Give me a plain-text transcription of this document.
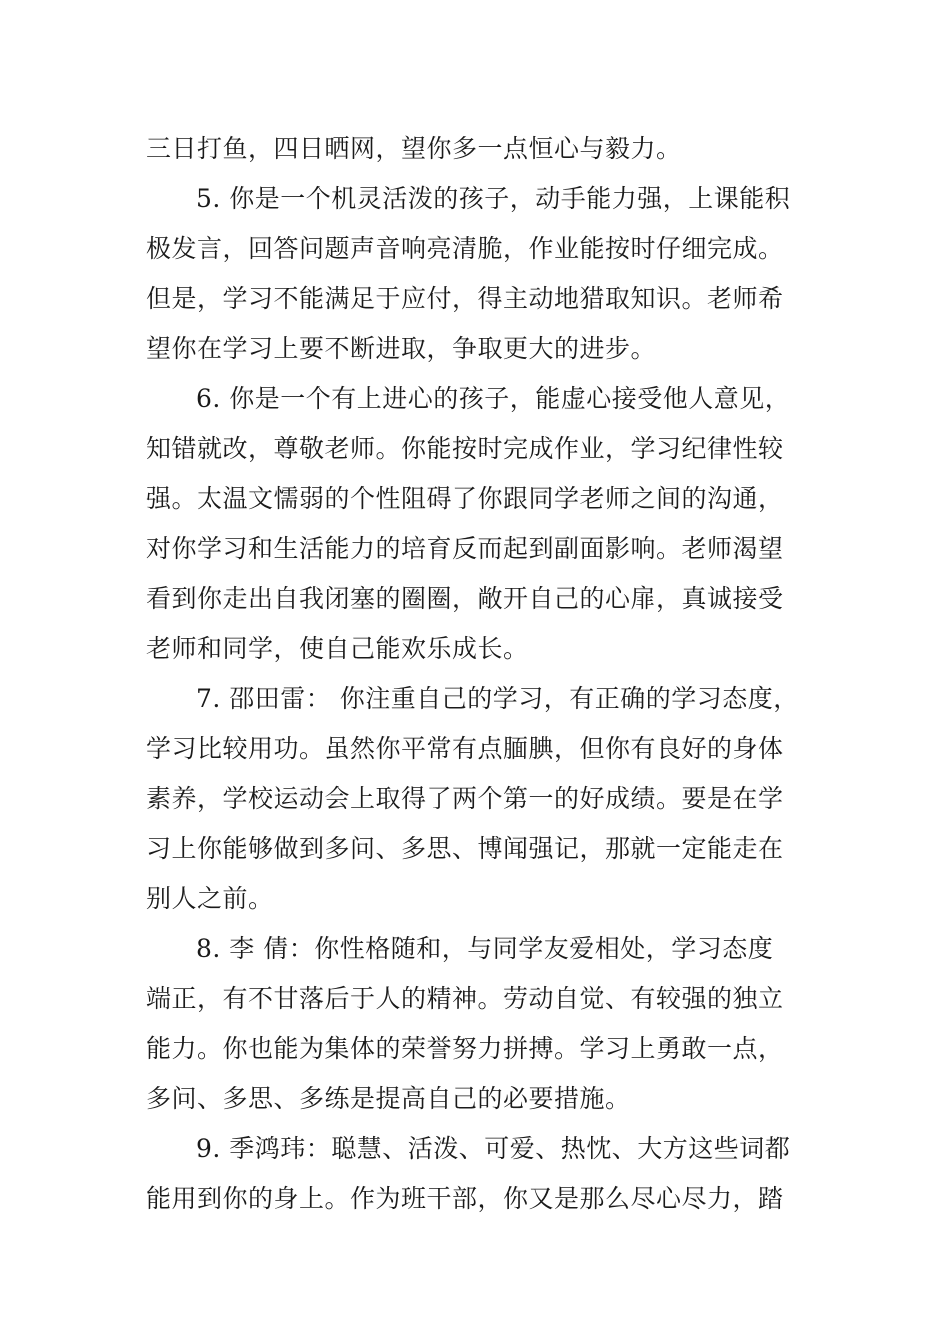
三日打鱼，四日晒网，望你多一点恒心与毅力。
5. 你是一个机灵活泼的孩子，动手能力强，上课能积
极发言，回答问题声音响亮清脆，作业能按时仔细完成。
但是，学习不能满足于应付，得主动地猎取知识。老师希
望你在学习上要不断进取，争取更大的进步。
6. 你是一个有上进心的孩子，能虚心接受他人意见，
知错就改，尊敬老师。你能按时完成作业，学习纪律性较
强。太温文懦弱的个性阻碍了你跟同学老师之间的沟通，
对你学习和生活能力的培育反而起到副面影响。老师渴望
看到你走出自我闭塞的圈圈，敞开自己的心扉，真诚接受
老师和同学，使自己能欢乐成长。
7. 邵田雷： 你注重自己的学习，有正确的学习态度，
学习比较用功。虽然你平常有点腼腆，但你有良好的身体
素养，学校运动会上取得了两个第一的好成绩。要是在学
习上你能够做到多问、多思、博闻强记，那就一定能走在
别人之前。
8. 李 倩：你性格随和，与同学友爱相处，学习态度
端正，有不甘落后于人的精神。劳动自觉、有较强的独立
能力。你也能为集体的荣誉努力拼搏。学习上勇敢一点，
多问、多思、多练是提高自己的必要措施。
9. 季鸿玮：聪慧、活泼、可爱、热忱、大方这些词都
能用到你的身上。作为班干部，你又是那么尽心尽力，踏
